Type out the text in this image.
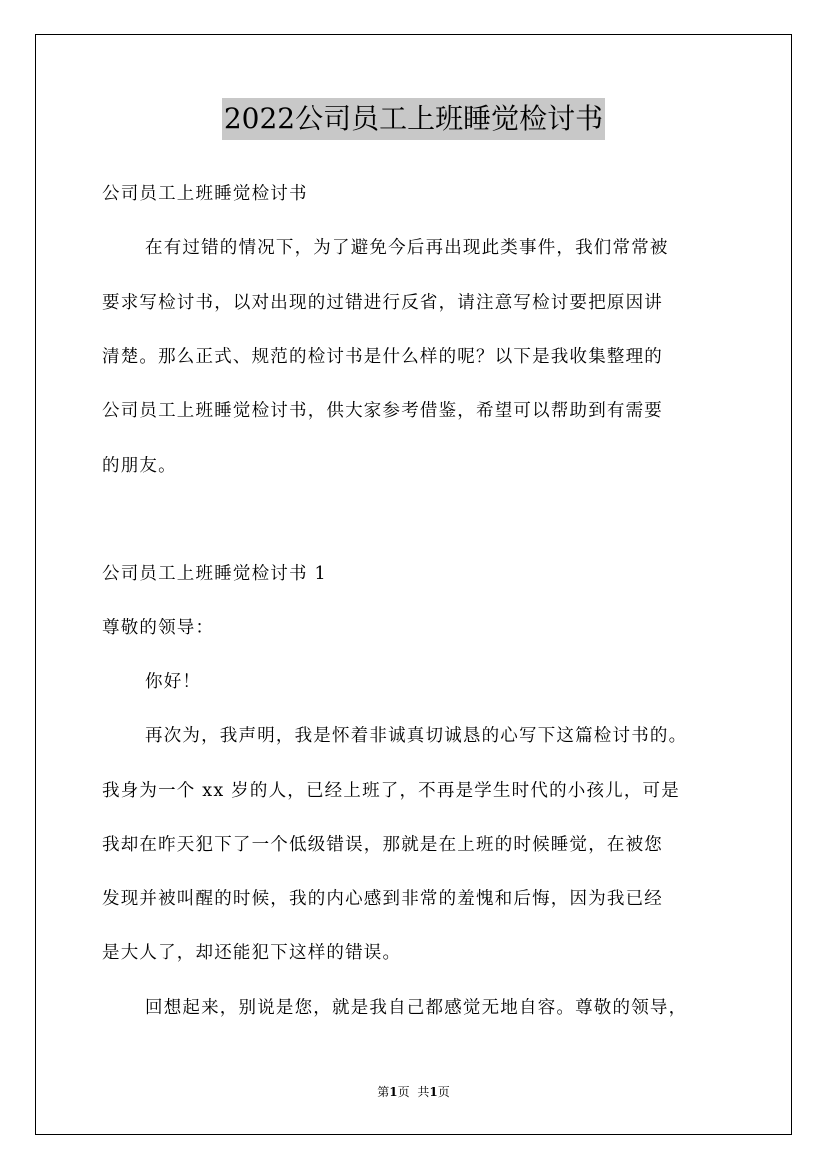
2022公司员工上班睡觉检讨书
公司员工上班睡觉检讨书
在有过错的情况下，为了避免今后再出现此类事件，我们常常被
要求写检讨书，以对出现的过错进行反省，请注意写检讨要把原因讲
清楚。那么正式、规范的检讨书是什么样的呢？以下是我收集整理的
公司员工上班睡觉检讨书，供大家参考借鉴，希望可以帮助到有需要
的朋友。
公司员工上班睡觉检讨书 1
尊敬的领导：
你好！
再次为，我声明，我是怀着非诚真切诚恳的心写下这篇检讨书的。
我身为一个 xx 岁的人，已经上班了，不再是学生时代的小孩儿，可是
我却在昨天犯下了一个低级错误，那就是在上班的时候睡觉，在被您
发现并被叫醒的时候，我的内心感到非常的羞愧和后悔，因为我已经
是大人了，却还能犯下这样的错误。
回想起来，别说是您，就是我自己都感觉无地自容。尊敬的领导，
第1页 共1页
